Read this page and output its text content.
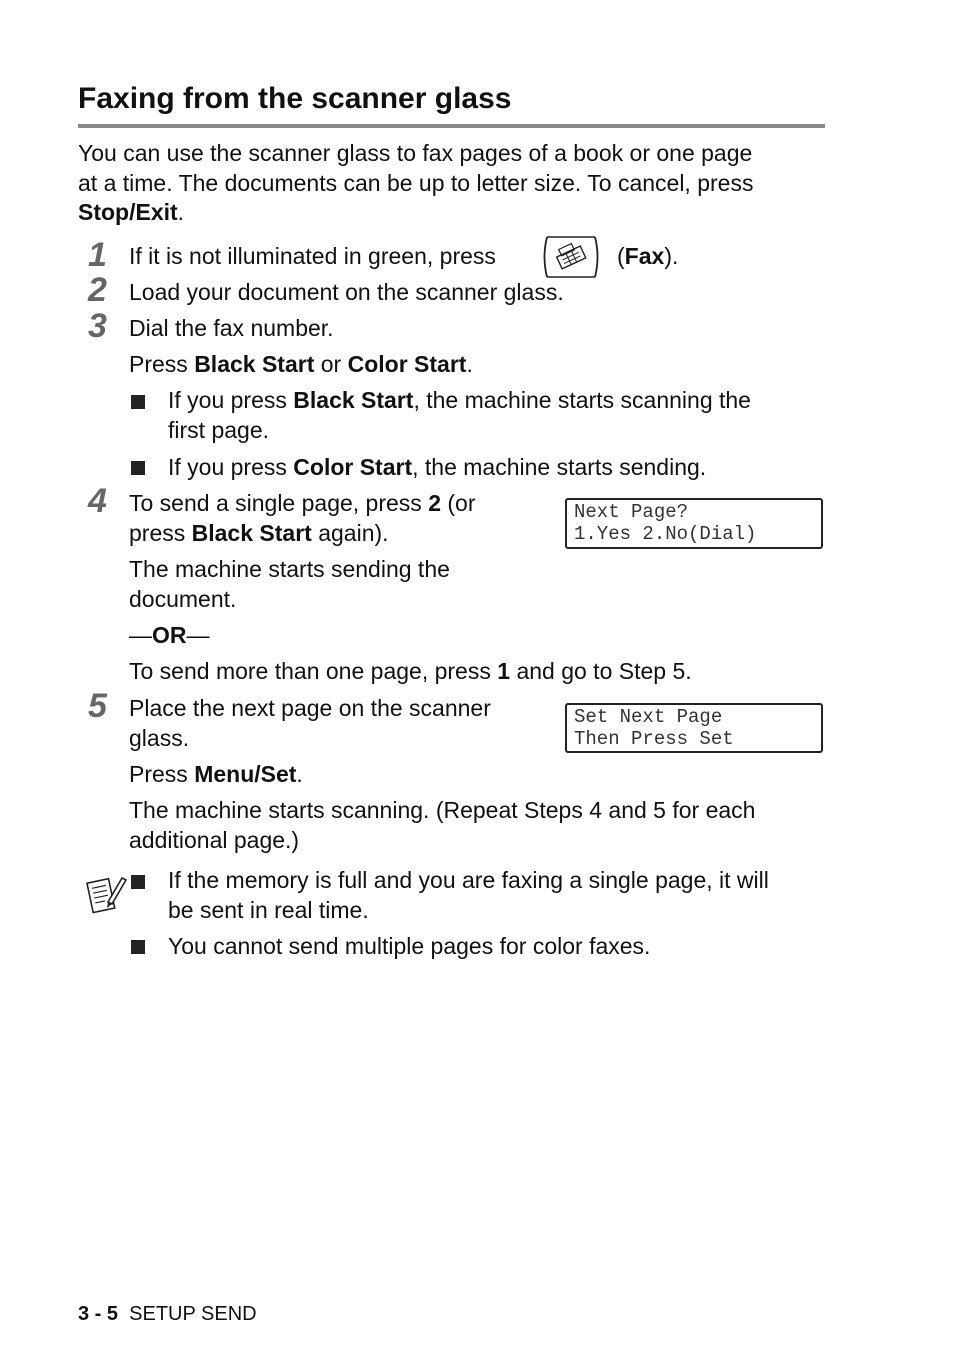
Faxing from the scanner glass
You can use the scanner glass to fax pages of a book or one page
at a time. The documents can be up to letter size. To cancel, press
Stop/Exit.
1 If it is not illuminated in green, press	(Fax).
2 Load your document on the scanner glass.
3 Dial the fax number.
Press Black Start or Color Start.
If you press Black Start, the machine starts scanning the
first page.
If you press Color Start, the machine starts sending.
4 To send a single page, press 2 (or
press Black Start again).
Next Page?
1.Yes 2.No(Dial)
The machine starts sending the
document.
—OR—
To send more than one page, press 1 and go to Step 5.
5 Place the next page on the scanner
glass.
Set Next Page
Then Press Set
Press Menu/Set.
The machine starts scanning. (Repeat Steps 4 and 5 for each
additional page.)
If the memory is full and you are faxing a single page, it will
be sent in real time.
You cannot send multiple pages for color faxes.
3 - 5 SETUP SEND
